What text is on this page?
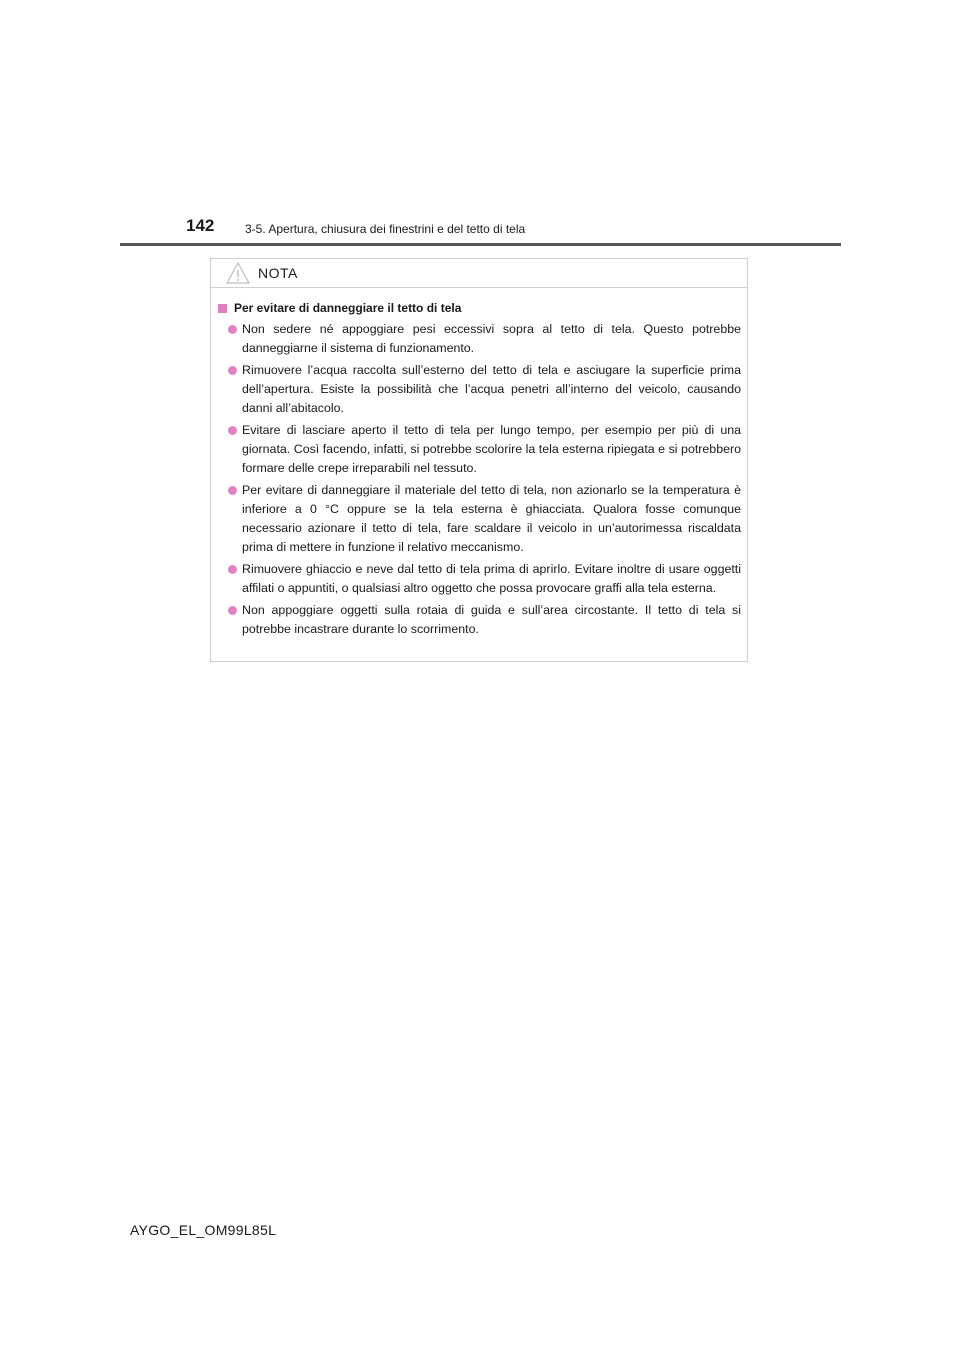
142	3-5. Apertura, chiusura dei finestrini e del tetto di tela
NOTA
Per evitare di danneggiare il tetto di tela
Non sedere né appoggiare pesi eccessivi sopra al tetto di tela. Questo potrebbe danneggiarne il sistema di funzionamento.
Rimuovere l’acqua raccolta sull’esterno del tetto di tela e asciugare la superficie prima dell’apertura. Esiste la possibilità che l’acqua penetri all’interno del veicolo, causando danni all’abitacolo.
Evitare di lasciare aperto il tetto di tela per lungo tempo, per esempio per più di una giornata. Così facendo, infatti, si potrebbe scolorire la tela esterna ripiegata e si potrebbero formare delle crepe irreparabili nel tessuto.
Per evitare di danneggiare il materiale del tetto di tela, non azionarlo se la temperatura è inferiore a 0 °C oppure se la tela esterna è ghiacciata. Qualora fosse comunque necessario azionare il tetto di tela, fare scaldare il veicolo in un’autorimessa riscaldata prima di mettere in funzione il relativo meccanismo.
Rimuovere ghiaccio e neve dal tetto di tela prima di aprirlo. Evitare inoltre di usare oggetti affilati o appuntiti, o qualsiasi altro oggetto che possa provocare graffi alla tela esterna.
Non appoggiare oggetti sulla rotaia di guida e sull’area circostante. Il tetto di tela si potrebbe incastrare durante lo scorrimento.
AYGO_EL_OM99L85L
